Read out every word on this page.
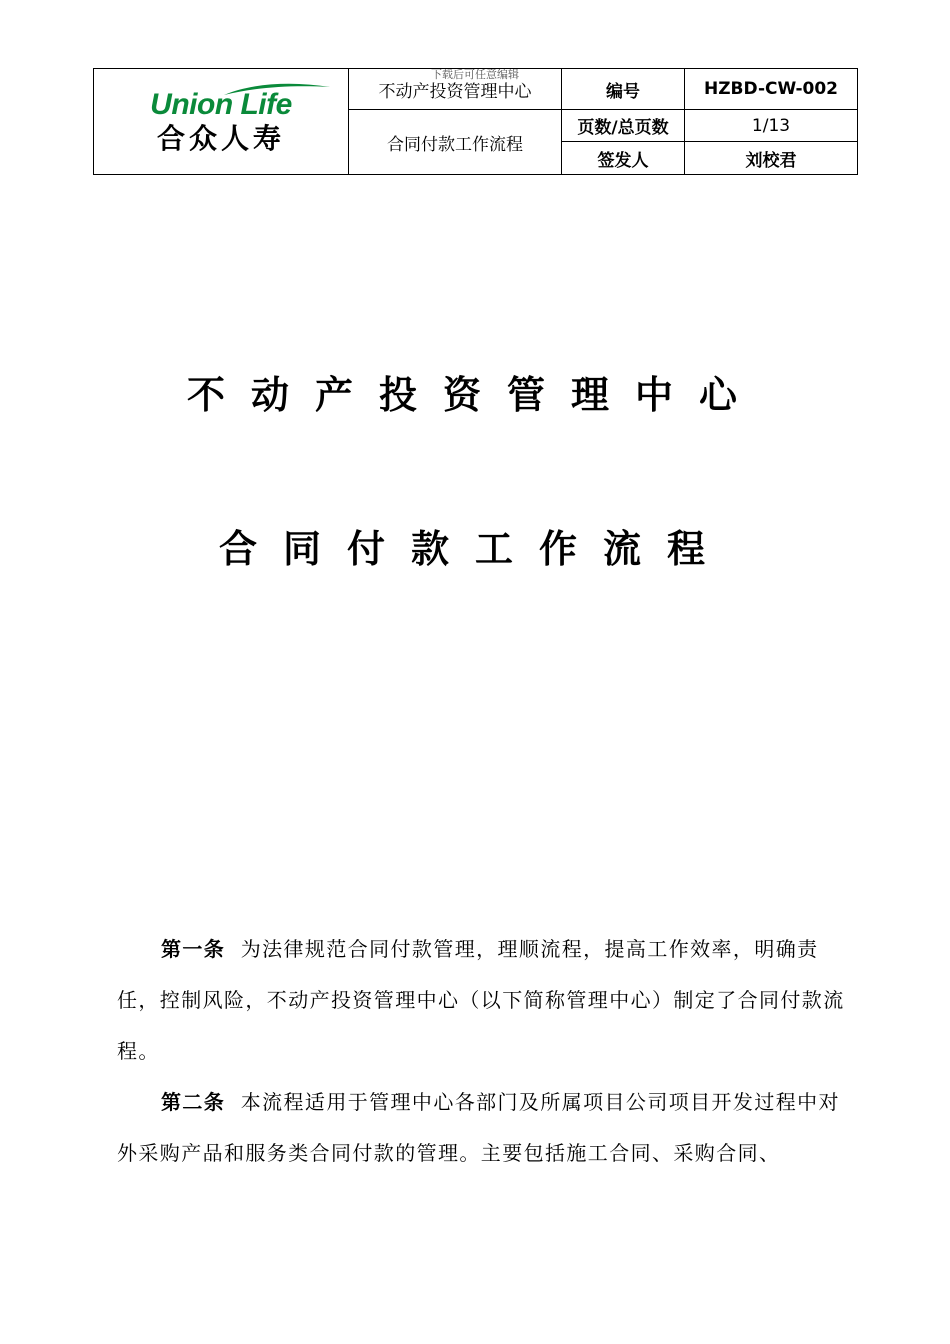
下载后可任意编辑
Union Life
合众人寿	不动产投资管理中心	编号	HZBD-CW-002
	合同付款工作流程	页数/总页数	1/13
		签发人	刘校君
不动产投资管理中心
合同付款工作流程

第一条 为法律规范合同付款管理，理顺流程，提高工作效率，明确责任，控制风险，不动产投资管理中心（以下简称管理中心）制定了合同付款流程。

第二条 本流程适用于管理中心各部门及所属项目公司项目开发过程中对外采购产品和服务类合同付款的管理。主要包括施工合同、采购合同、
